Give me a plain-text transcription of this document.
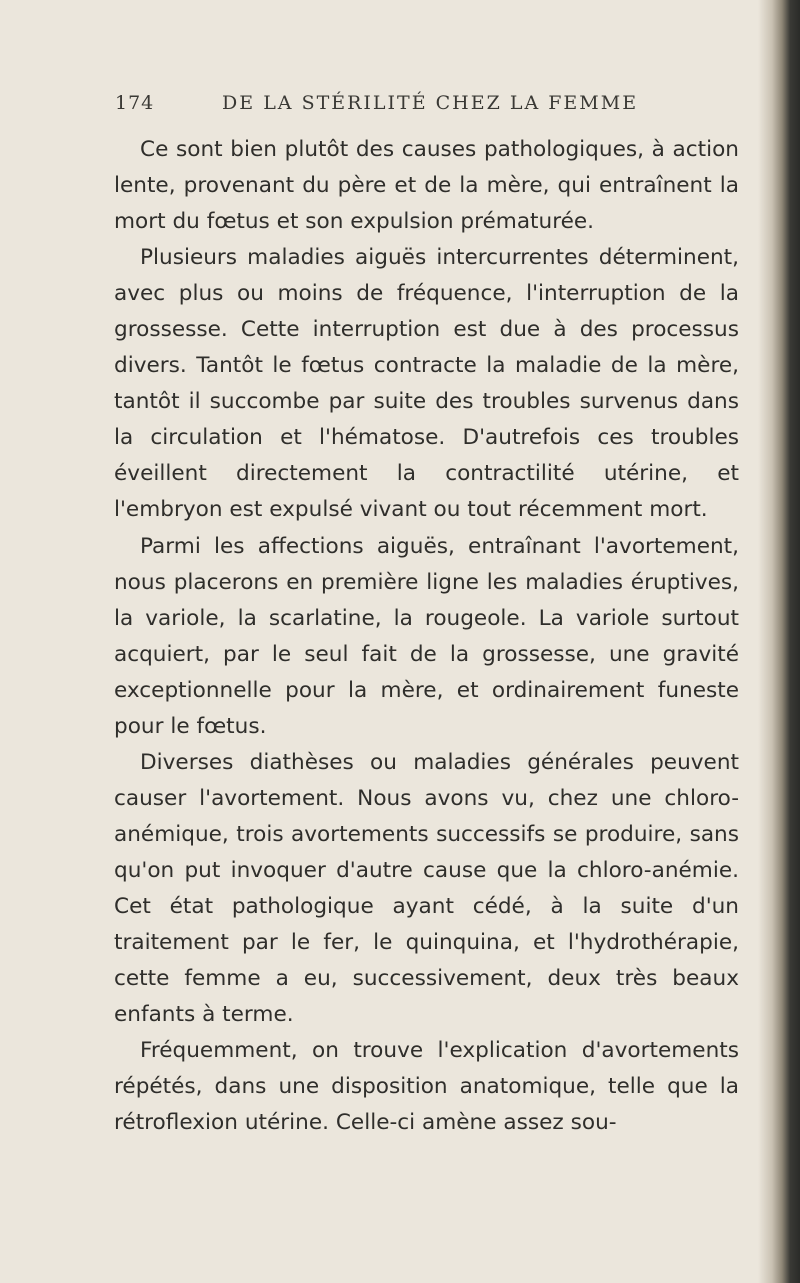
174	DE LA STÉRILITÉ CHEZ LA FEMME

Ce sont bien plutôt des causes pathologiques, à action lente, provenant du père et de la mère, qui entraînent la mort du fœtus et son expulsion prématurée.

Plusieurs maladies aiguës intercurrentes déterminent, avec plus ou moins de fréquence, l'interruption de la grossesse. Cette interruption est due à des processus divers. Tantôt le fœtus contracte la maladie de la mère, tantôt il succombe par suite des troubles survenus dans la circulation et l'hématose. D'autrefois ces troubles éveillent directement la contractilité utérine, et l'embryon est expulsé vivant ou tout récemment mort.

Parmi les affections aiguës, entraînant l'avortement, nous placerons en première ligne les maladies éruptives, la variole, la scarlatine, la rougeole. La variole surtout acquiert, par le seul fait de la grossesse, une gravité exceptionnelle pour la mère, et ordinairement funeste pour le fœtus.

Diverses diathèses ou maladies générales peuvent causer l'avortement. Nous avons vu, chez une chloro-anémique, trois avortements successifs se produire, sans qu'on put invoquer d'autre cause que la chloro-anémie. Cet état pathologique ayant cédé, à la suite d'un traitement par le fer, le quinquina, et l'hydrothérapie, cette femme a eu, successivement, deux très beaux enfants à terme.

Fréquemment, on trouve l'explication d'avortements répétés, dans une disposition anatomique, telle que la rétroflexion utérine. Celle-ci amène assez sou-
